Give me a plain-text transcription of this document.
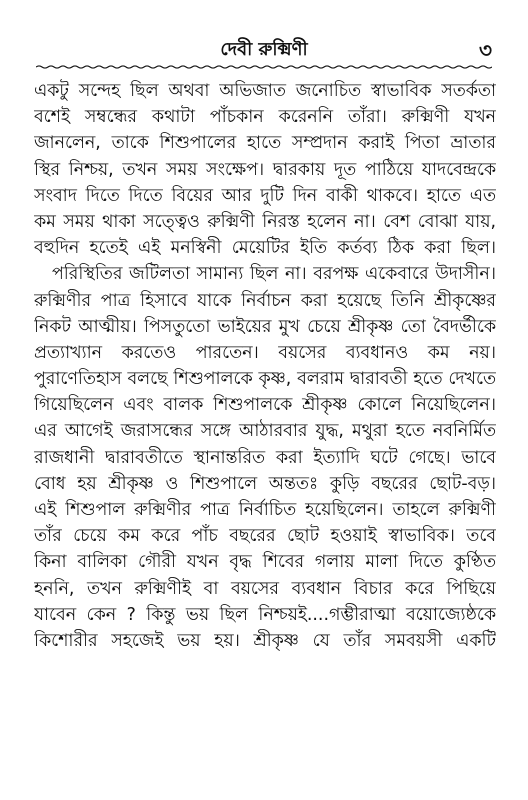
দেবী রুক্মিণী	৩
একটু সন্দেহ ছিল অথবা অভিজাত জনোচিত স্বাভাবিক সতর্কতা
বশেই সম্বন্ধের কথাটা পাঁচকান করেননি তাঁরা। রুক্মিণী যখন
জানলেন, তাকে শিশুপালের হাতে সম্প্রদান করাই পিতা ভ্রাতার
স্থির নিশ্চয়, তখন সময় সংক্ষেপ। দ্বারকায় দূত পাঠিয়ে যাদবেন্দ্রকে
সংবাদ দিতে দিতে বিয়ের আর দুটি দিন বাকী থাকবে। হাতে এত
কম সময় থাকা সত্ত্বেও রুক্মিণী নিরস্ত হলেন না। বেশ বোঝা যায়,
বহুদিন হতেই এই মনস্বিনী মেয়েটির ইতি কর্তব্য ঠিক করা ছিল।
পরিস্থিতির জটিলতা সামান্য ছিল না। বরপক্ষ একেবারে উদাসীন।
রুক্মিণীর পাত্র হিসাবে যাকে নির্বাচন করা হয়েছে তিনি শ্রীকৃষ্ণের
নিকট আত্মীয়। পিসতুতো ভাইয়ের মুখ চেয়ে শ্রীকৃষ্ণ তো বৈদর্ভীকে
প্রত্যাখ্যান করতেও পারতেন। বয়সের ব্যবধানও কম নয়।
পুরাণেতিহাস বলছে শিশুপালকে কৃষ্ণ, বলরাম দ্বারাবতী হতে দেখতে
গিয়েছিলেন এবং বালক শিশুপালকে শ্রীকৃষ্ণ কোলে নিয়েছিলেন।
এর আগেই জরাসন্ধের সঙ্গে আঠারবার যুদ্ধ, মথুরা হতে নবনির্মিত
রাজধানী দ্বারাবতীতে স্থানান্তরিত করা ইত্যাদি ঘটে গেছে। ভাবে
বোধ হয় শ্রীকৃষ্ণ ও শিশুপালে অন্ততঃ কুড়ি বছরের ছোট-বড়।
এই শিশুপাল রুক্মিণীর পাত্র নির্বাচিত হয়েছিলেন। তাহলে রুক্মিণী
তাঁর চেয়ে কম করে পাঁচ বছরের ছোট হওয়াই স্বাভাবিক। তবে
কিনা বালিকা গৌরী যখন বৃদ্ধ শিবের গলায় মালা দিতে কুণ্ঠিত
হননি, তখন রুক্মিণীই বা বয়সের ব্যবধান বিচার করে পিছিয়ে
যাবেন কেন ? কিন্তু ভয় ছিল নিশ্চয়ই....গম্ভীরাত্মা বয়োজ্যেষ্ঠকে
কিশোরীর সহজেই ভয় হয়। শ্রীকৃষ্ণ যে তাঁর সমবয়সী একটি
